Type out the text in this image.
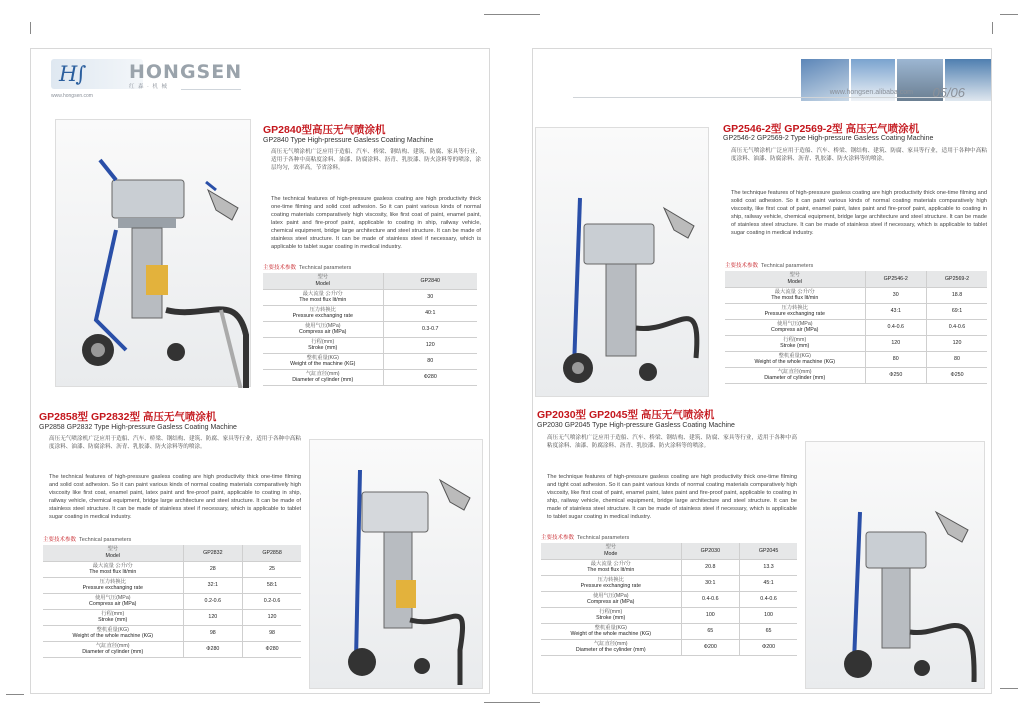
H∫ HONGSEN
红 森 · 机 械
www.hongsen.com
GP2840型高压无气喷涂机
GP2840 Type High-pressure Gasless Coating Machine
> 高压无气喷涂机广泛应用于造船、汽车、桥梁、钢结构、建筑、防腐、家具等行业，适用于各种中高粘度涂料、油漆、防腐涂料、沥青、乳胶漆、防火涂料等的喷涂，涂层均匀，效率高，节省涂料。
> The technical features of high-pressure gasless coating are high productivity thick one-time filming and solid cost adhesion. So it can paint various kinds of normal coating materials comparatively high viscosity, like first coat of paint, enamel paint, latex paint and fire-proof paint, applicable to coating in ship, railway vehicle, chemical equipment, bridge large architecture and steel structure. It can be made of stainless steel structure. It can be made of stainless steel if necessary, which is applicable to tablet sugar coating in medical industry.
主要技术参数 Technical parameters
型号
Model	GP2840

最大流量 公升/分
The most flux lit/min	30

压力转换比
Pressure exchanging rate	40:1

使用气压(MPa)
Compress air (MPa)	0.3-0.7

行程(mm)
Stroke (mm)	120

整机重量(KG)
Weight of the machine (KG)	80

气缸直径(mm)
Diameter of cylinder (mm)	Φ280
GP2858型 GP2832型 高压无气喷涂机
GP2858 GP2832 Type High-pressure Gasless Coating Machine
> 高压无气喷涂机广泛应用于造船、汽车、桥梁、钢结构、建筑、防腐、家具等行业，适用于各种中高粘度涂料、油漆、防腐涂料、沥青、乳胶漆、防火涂料等的喷涂。
> The technical features of high-pressure gasless coating are high productivity thick one-time filming and solid cost adhesion. So it can paint various kinds of normal coating materials comparatively high viscosity like first coat, enamel paint, latex paint and fire-proof paint, applicable to coating in ship, railway vehicle, chemical equipment, bridge large architecture and steel structure. It can be made of stainless steel structure. It can be made of stainless steel if necessary, which is applicable to tablet sugar coating in medical industry.
主要技术参数 Technical parameters
型号
Model	GP2832	GP2858

最大流量 公升/分
The most flux lit/min	28	25

压力转换比
Pressure exchanging rate	32:1	58:1

使用气压(MPa)
Compress air (MPa)	0.2-0.6	0.2-0.6

行程(mm)
Stroke (mm)	120	120

整机重量(KG)
Weight of the whole machine (KG)	98	98

气缸直径(mm)
Diameter of cylinder (mm)	Φ280	Φ280
www.hongsen.alibaba.com 05/06
GP2546-2型 GP2569-2型 高压无气喷涂机
GP2546-2 GP2569-2 Type High-pressure Gasless Coating Machine
> 高压无气喷涂机广泛应用于造船、汽车、桥梁、钢结构、建筑、防腐、家具等行业，适用于各种中高粘度涂料、油漆、防腐涂料、沥青、乳胶漆、防火涂料等的喷涂。
> The technique features of high-pressure gasless coating are high productivity thick one-time filming and solid coat adhesion. So it can paint various kinds of normal coating materials comparatively high viscosity, like first coat of paint, enamel paint, latex paint and fire-proof paint, applicable to coating in ship, railway vehicle, chemical equipment, bridge large architecture and steel structure. It can be made of stainless steel structure. It can be made of stainless steel if necessary, which is applicable to tablet sugar coating in medical industry.
主要技术参数 Technical parameters
型号
Model	GP2546-2	GP2569-2

最大流量 公升/分
The most flux lit/min	30	18.8

压力转换比
Pressure exchanging rate	43:1	69:1

使用气压(MPa)
Compress air (MPa)	0.4-0.6	0.4-0.6

行程(mm)
Stroke (mm)	120	120

整机重量(KG)
Weight of the whole machine (KG)	80	80

气缸直径(mm)
Diameter of cylinder (mm)	Φ250	Φ250
GP2030型 GP2045型 高压无气喷涂机
GP2030 GP2045 Type High-pressure Gasless Coating Machine
> 高压无气喷涂机广泛应用于造船、汽车、桥梁、钢结构、建筑、防腐、家具等行业，适用于各种中高粘度涂料、油漆、防腐涂料、沥青、乳胶漆、防火涂料等的喷涂。
> The technique features of high-pressure gasless coating are high productivity thick one-time filming and tight coat adhesion. So it can paint various kinds of normal coating materials comparatively high viscosity, like first coat of paint, enamel paint, latex paint and fire-proof paint, applicable to coating in ship, railway vehicle, chemical equipment, bridge large architecture and steel structure. It can be made of stainless steel structure. It can be made of stainless steel if necessary, which is applicable to tablet sugar coating in medical industry.
主要技术参数 Technical parameters
型号
Mode	GP2030	GP2045

最大流量 公升/分
The most flux lit/min	20.8	13.3

压力转换比
Pressure exchanging rate	30:1	45:1

使用气压(MPa)
Compress air (MPa)	0.4-0.6	0.4-0.6

行程(mm)
Stroke (mm)	100	100

整机重量(KG)
Weight of the whole machine (KG)	65	65

气缸直径(mm)
Diameter of the cylinder (mm)	Φ200	Φ200
